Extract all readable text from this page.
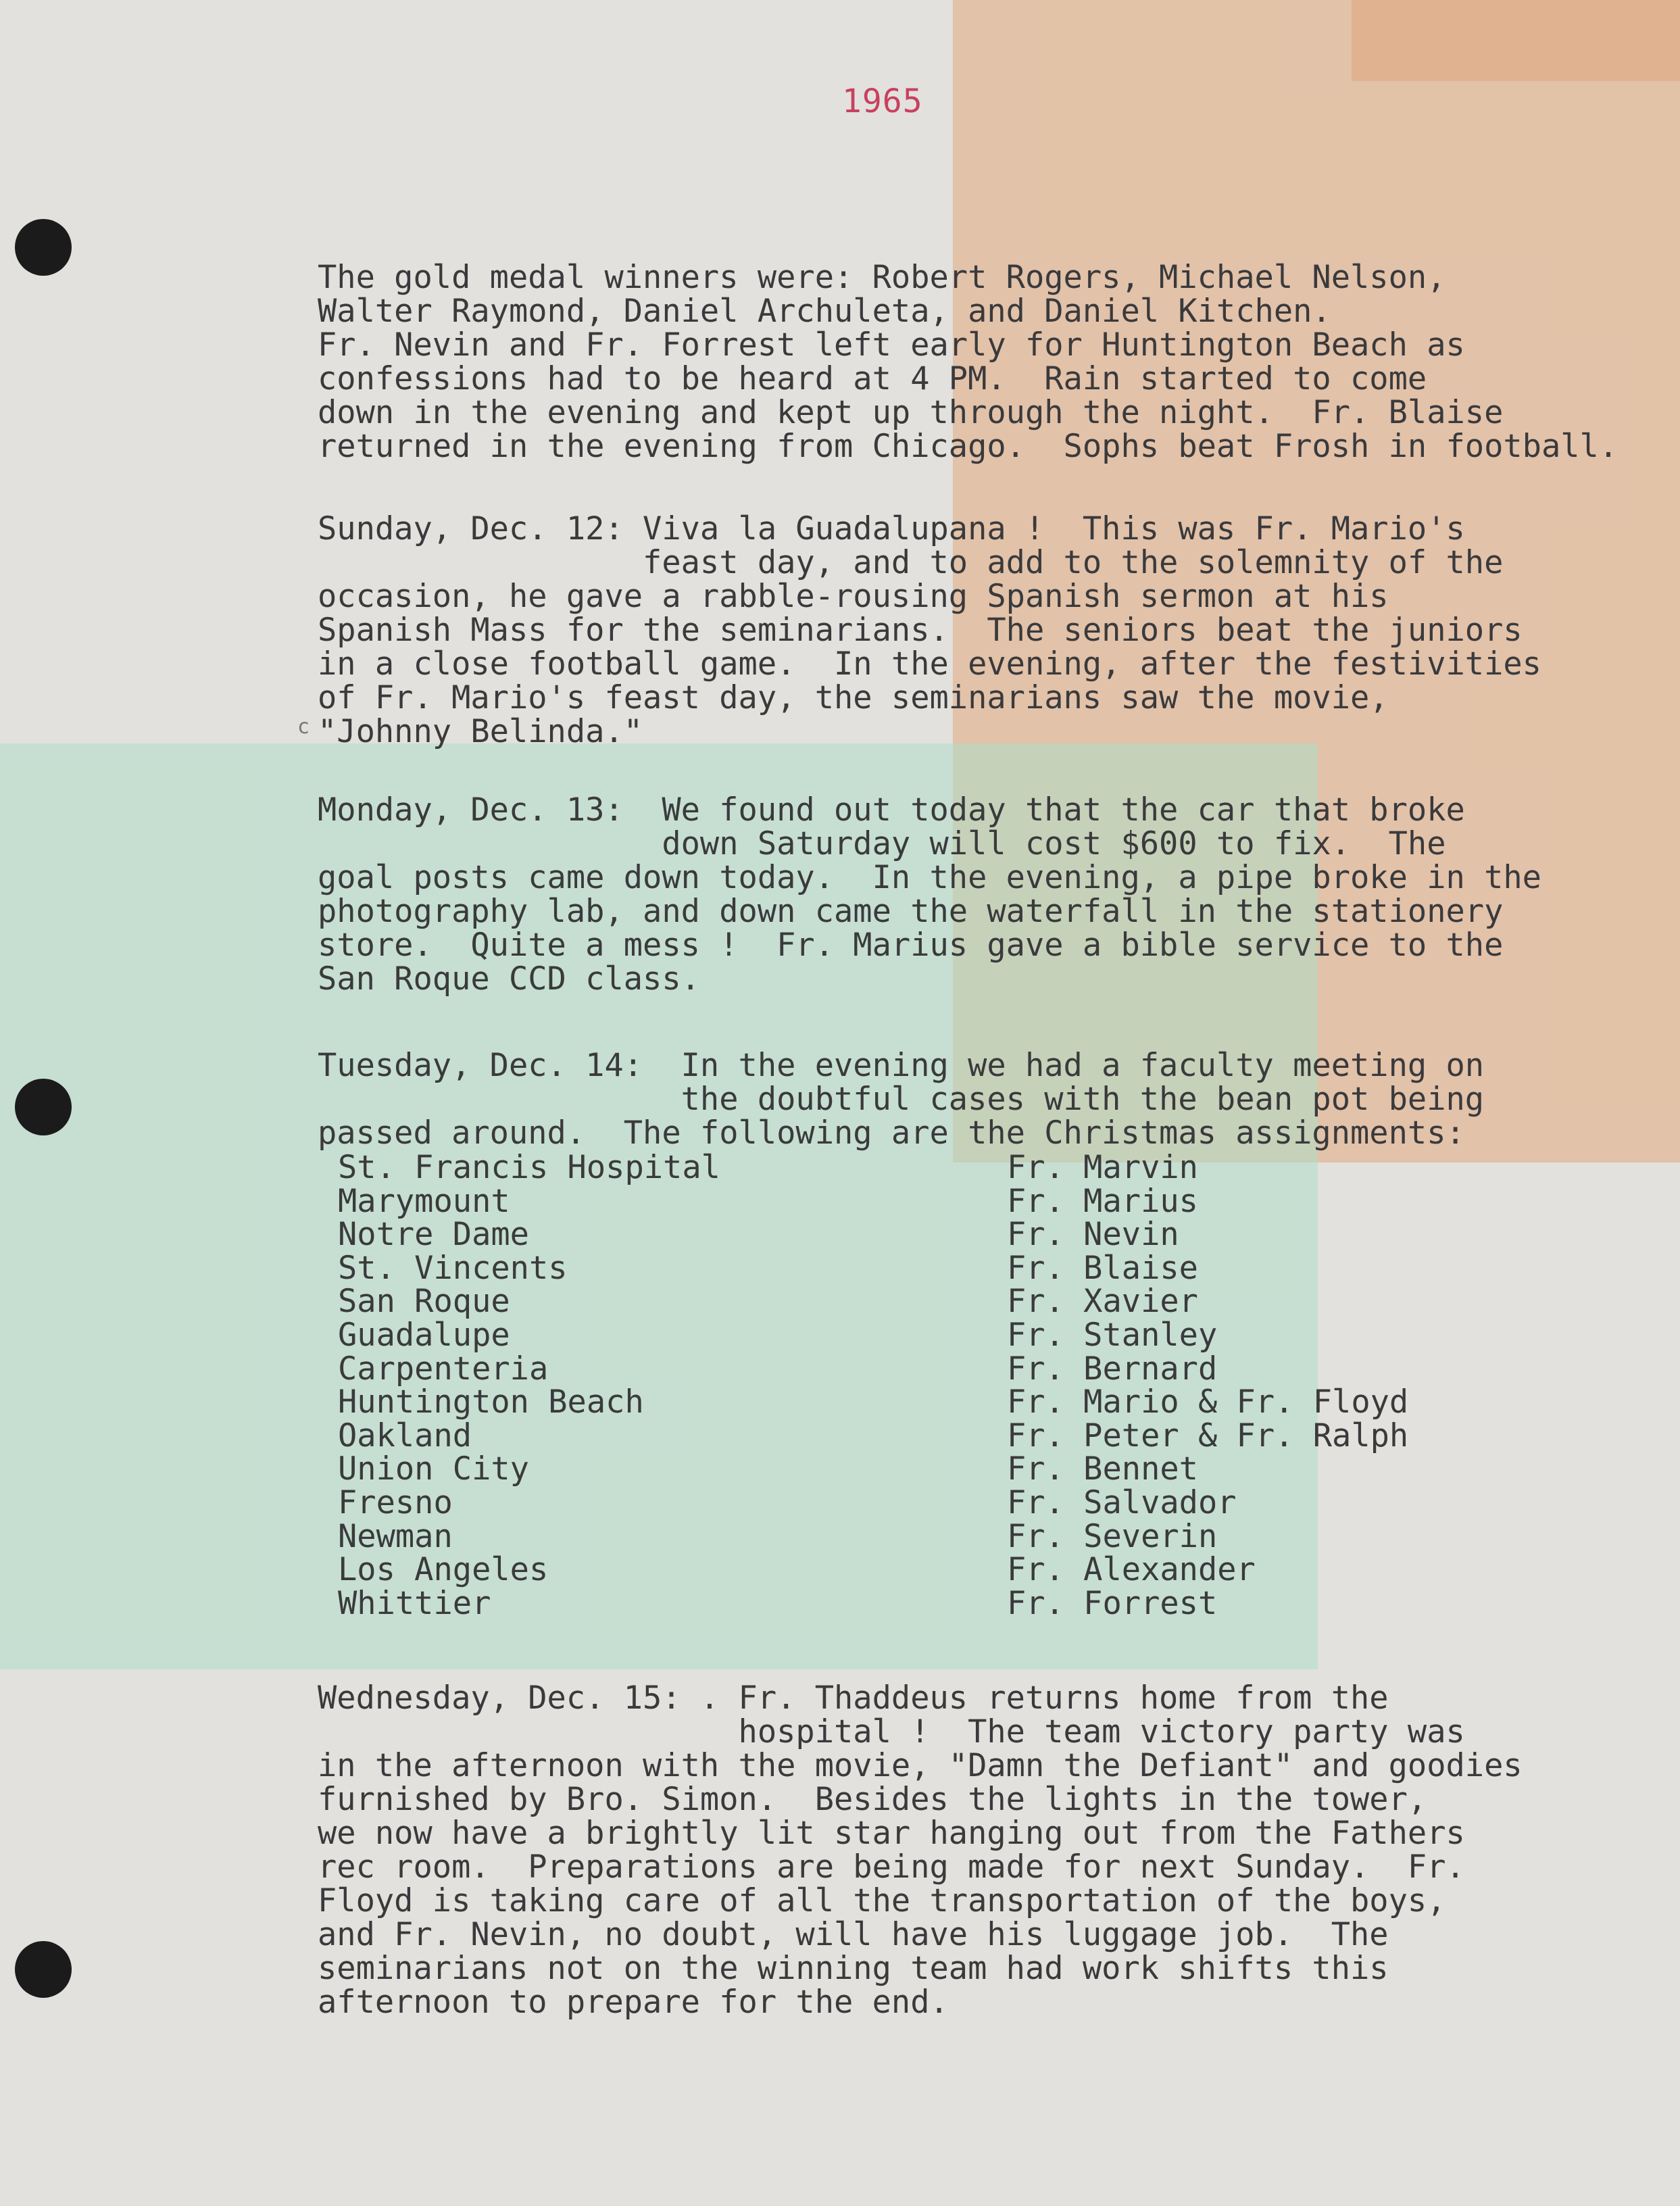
1965
The gold medal winners were: Robert Rogers, Michael Nelson,
Walter Raymond, Daniel Archuleta, and Daniel Kitchen.
Fr. Nevin and Fr. Forrest left early for Huntington Beach as
confessions had to be heard at 4 PM.  Rain started to come
down in the evening and kept up through the night.  Fr. Blaise
returned in the evening from Chicago.  Sophs beat Frosh in football.
Sunday, Dec. 12: Viva la Guadalupana !  This was Fr. Mario's
feast day, and to add to the solemnity of the
occasion, he gave a rabble-rousing Spanish sermon at his
Spanish Mass for the seminarians.  The seniors beat the juniors
in a close football game.  In the evening, after the festivities
of Fr. Mario's feast day, the seminarians saw the movie,
"Johnny Belinda."
c
Monday, Dec. 13:  We found out today that the car that broke
down Saturday will cost $600 to fix.  The
goal posts came down today.  In the evening, a pipe broke in the
photography lab, and down came the waterfall in the stationery
store.  Quite a mess !  Fr. Marius gave a bible service to the
San Roque CCD class.
Tuesday, Dec. 14:  In the evening we had a faculty meeting on
the doubtful cases with the bean pot being
passed around.  The following are the Christmas assignments:
St. Francis Hospital	Fr. Marvin
Marymount	Fr. Marius
Notre Dame	Fr. Nevin
St. Vincents	Fr. Blaise
San Roque	Fr. Xavier
Guadalupe	Fr. Stanley
Carpenteria	Fr. Bernard
Huntington Beach	Fr. Mario & Fr. Floyd
Oakland	Fr. Peter & Fr. Ralph
Union City	Fr. Bennet
Fresno	Fr. Salvador
Newman	Fr. Severin
Los Angeles	Fr. Alexander
Whittier	Fr. Forrest
Wednesday, Dec. 15: . Fr. Thaddeus returns home from the
hospital !  The team victory party was
in the afternoon with the movie, "Damn the Defiant" and goodies
furnished by Bro. Simon.  Besides the lights in the tower,
we now have a brightly lit star hanging out from the Fathers
rec room.  Preparations are being made for next Sunday.  Fr.
Floyd is taking care of all the transportation of the boys,
and Fr. Nevin, no doubt, will have his luggage job.  The
seminarians not on the winning team had work shifts this
afternoon to prepare for the end.
